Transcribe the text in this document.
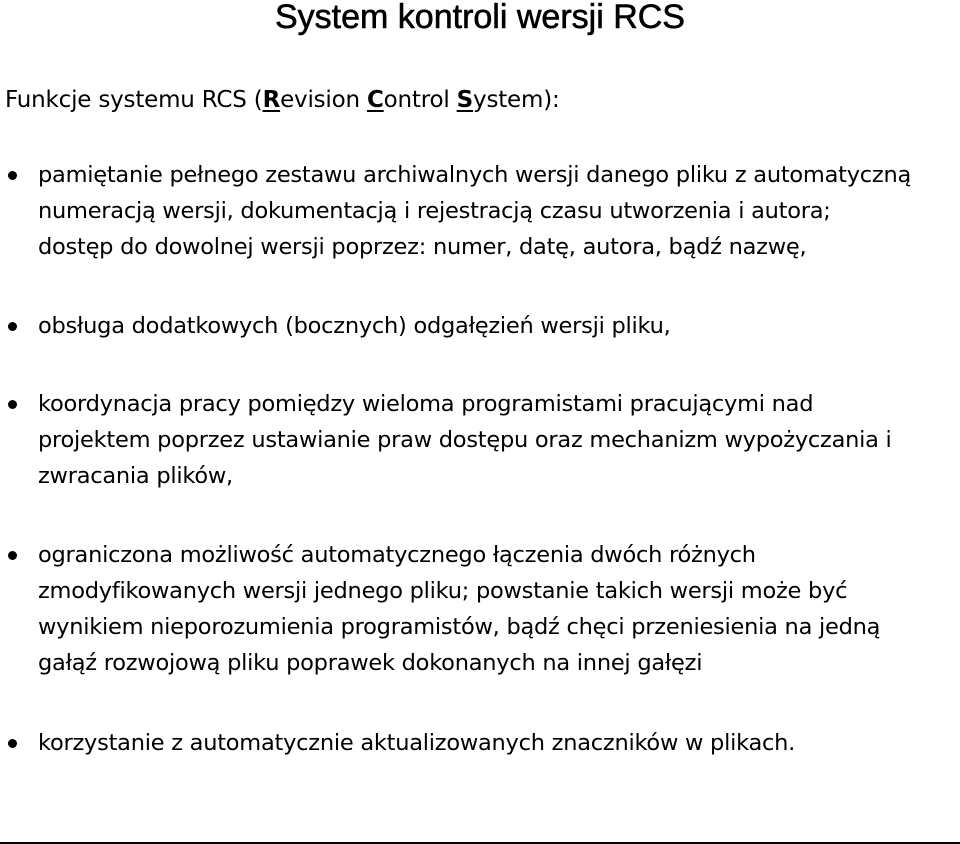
System kontroli wersji RCS

Funkcje systemu RCS (Revision Control System):

pamiętanie pełnego zestawu archiwalnych wersji danego pliku z automatyczną
numeracją wersji, dokumentacją i rejestracją czasu utworzenia i autora;
dostęp do dowolnej wersji poprzez: numer, datę, autora, bądź nazwę,
obsługa dodatkowych (bocznych) odgałęzień wersji pliku,
koordynacja pracy pomiędzy wieloma programistami pracującymi nad
projektem poprzez ustawianie praw dostępu oraz mechanizm wypożyczania i
zwracania plików,
ograniczona możliwość automatycznego łączenia dwóch różnych
zmodyfikowanych wersji jednego pliku; powstanie takich wersji może być
wynikiem nieporozumienia programistów, bądź chęci przeniesienia na jedną
gałąź rozwojową pliku poprawek dokonanych na innej gałęzi
korzystanie z automatycznie aktualizowanych znaczników w plikach.
